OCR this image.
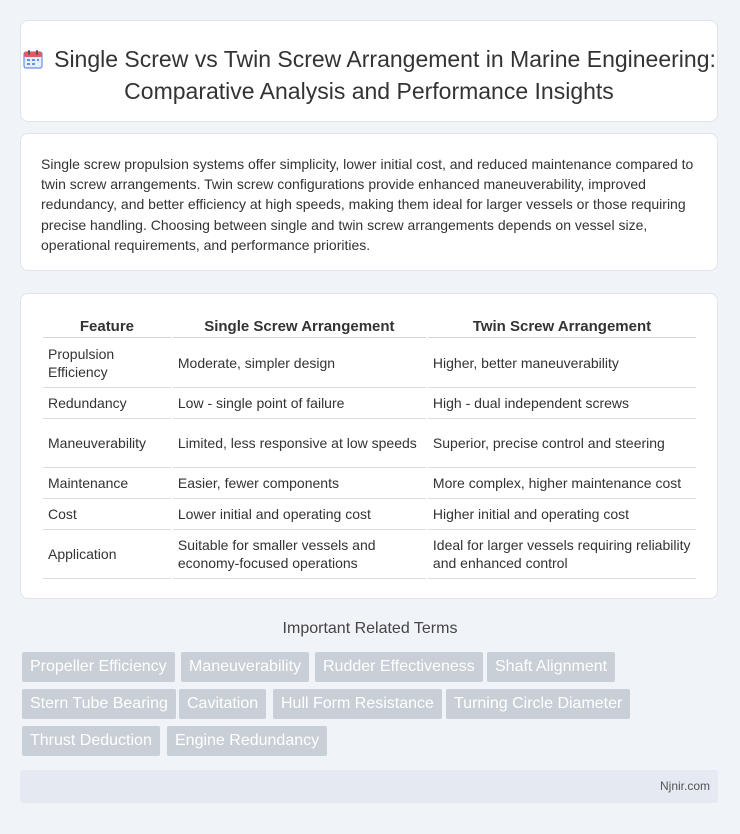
Single Screw vs Twin Screw Arrangement in Marine Engineering: Comparative Analysis and Performance Insights

Single screw propulsion systems offer simplicity, lower initial cost, and reduced maintenance compared to twin screw arrangements. Twin screw configurations provide enhanced maneuverability, improved redundancy, and better efficiency at high speeds, making them ideal for larger vessels or those requiring precise handling. Choosing between single and twin screw arrangements depends on vessel size, operational requirements, and performance priorities.

Feature	Single Screw Arrangement	Twin Screw Arrangement
Propulsion Efficiency	Moderate, simpler design	Higher, better maneuverability
Redundancy	Low - single point of failure	High - dual independent screws
Maneuverability	Limited, less responsive at low speeds	Superior, precise control and steering
Maintenance	Easier, fewer components	More complex, higher maintenance cost
Cost	Lower initial and operating cost	Higher initial and operating cost
Application	Suitable for smaller vessels and economy-focused operations	Ideal for larger vessels requiring reliability and enhanced control
Important Related Terms
Propeller Efficiency	Maneuverability	Rudder Effectiveness	Shaft Alignment
Stern Tube Bearing	Cavitation	Hull Form Resistance	Turning Circle Diameter
Thrust Deduction	Engine Redundancy
Njnir.com
